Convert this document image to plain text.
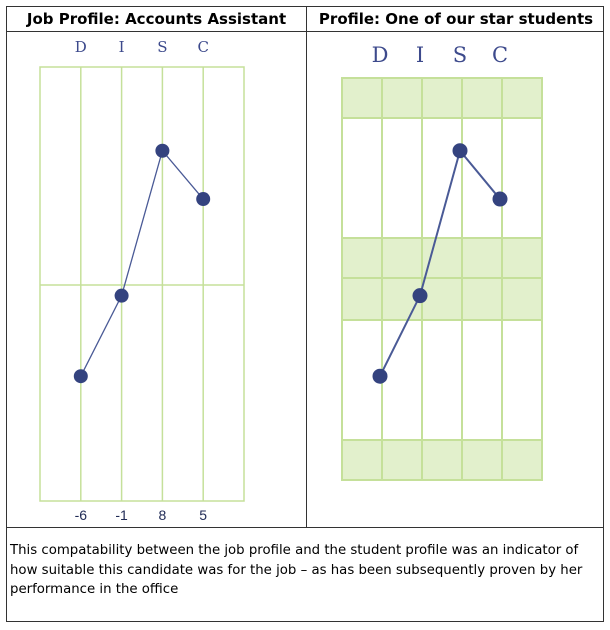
Job Profile: Accounts Assistant	Profile: One of our star students
D
-6
I
-1
S
8
C
5
D I S C
This compatability between the job profile and the student profile was an indicator of how suitable this candidate was for the job – as has been subsequently proven by her performance in the office
